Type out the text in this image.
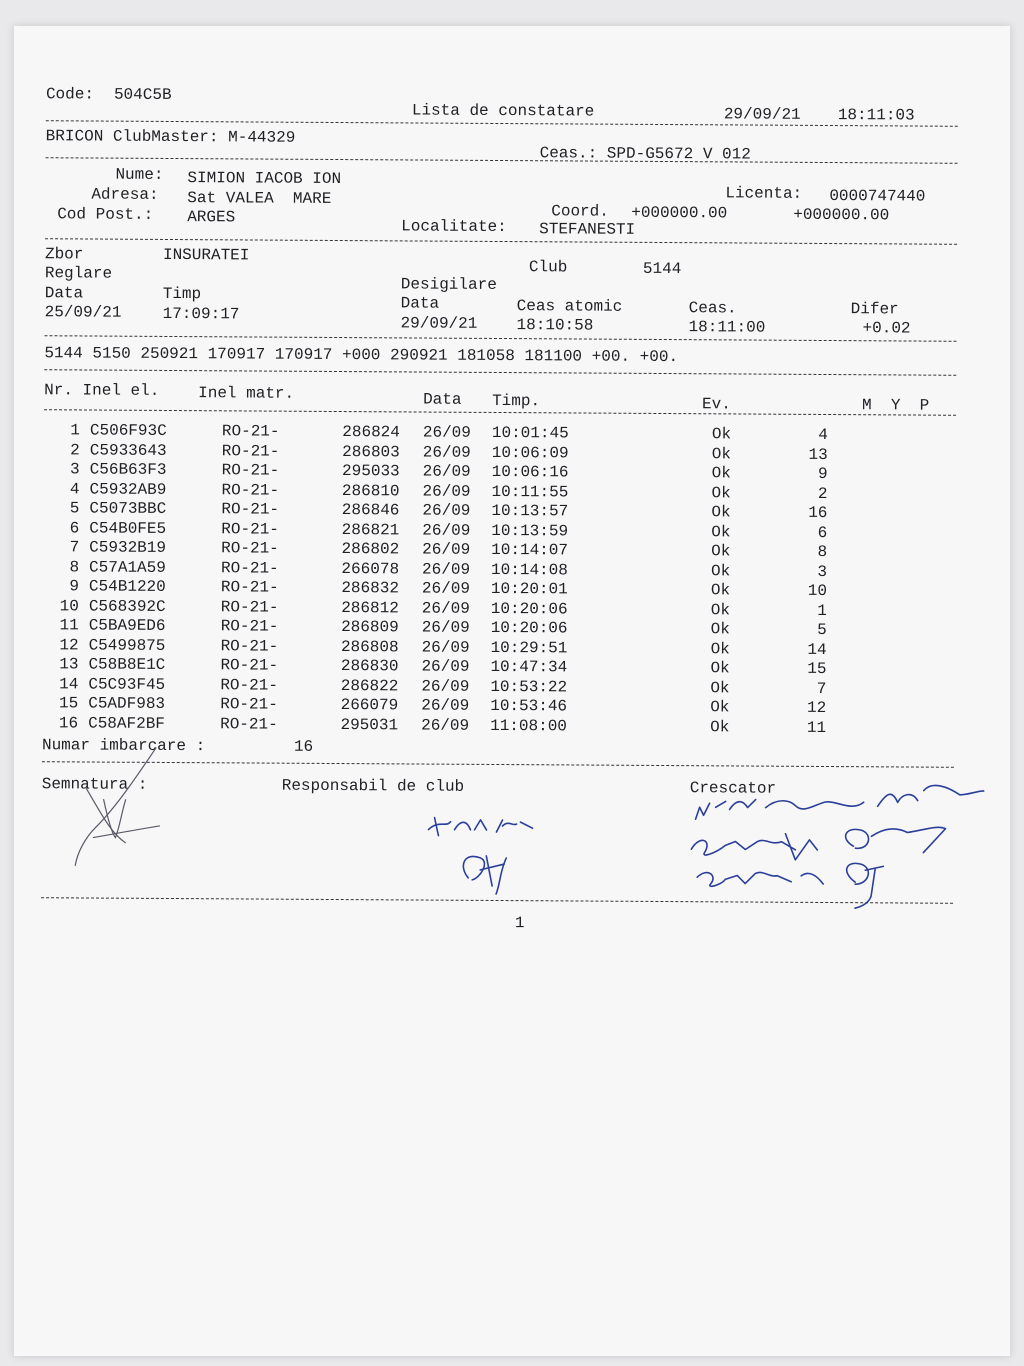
Code: 504C5B
Lista de constatare	29/09/21 18:11:03
BRICON ClubMaster: M-44329
Ceas.: SPD-G5672 V 012
Nume: SIMION IACOB ION
Adresa: Sat VALEA  MARE
Cod Post.: ARGES
Licenta: 0000747440
Coord. +000000.00	+000000.00
Localitate: STEFANESTI
Zbor	INSURATEI
Club	5144
Reglare
Desigilare
Data	Timp
Data	Ceas atomic	Ceas.	Difer
25/09/21	17:09:17
29/09/21 18:10:58	18:11:00	+0.02
5144 5150 250921 170917 170917 +000 290921 181058 181100 +00. +00.
Nr. Inel el. Inel matr.	Data Timp.	Ev.	M  Y  P
1 C506F93C	RO-21-	286824 26/09 10:01:45	Ok	4
2 C5933643	RO-21-	286803 26/09 10:06:09	Ok	13
3 C56B63F3	RO-21-	295033 26/09 10:06:16	Ok	9
4 C5932AB9	RO-21-	286810 26/09 10:11:55	Ok	2
5 C5073BBC	RO-21-	286846 26/09 10:13:57	Ok	16
6 C54B0FE5	RO-21-	286821 26/09 10:13:59	Ok	6
7 C5932B19	RO-21-	286802 26/09 10:14:07	Ok	8
8 C57A1A59	RO-21-	266078 26/09 10:14:08	Ok	3
9 C54B1220	RO-21-	286832 26/09 10:20:01	Ok	10
10 C568392C	RO-21-	286812 26/09 10:20:06	Ok	1
11 C5BA9ED6	RO-21-	286809 26/09 10:20:06	Ok	5
12 C5499875	RO-21-	286808 26/09 10:29:51	Ok	14
13 C58B8E1C	RO-21-	286830 26/09 10:47:34	Ok	15
14 C5C93F45	RO-21-	286822 26/09 10:53:22	Ok	7
15 C5ADF983	RO-21-	266079 26/09 10:53:46	Ok	12
16 C58AF2BF	RO-21-	295031 26/09 11:08:00	Ok	11
Numar imbarcare :	16
Semnatura :	Responsabil de club	Crescator
1
